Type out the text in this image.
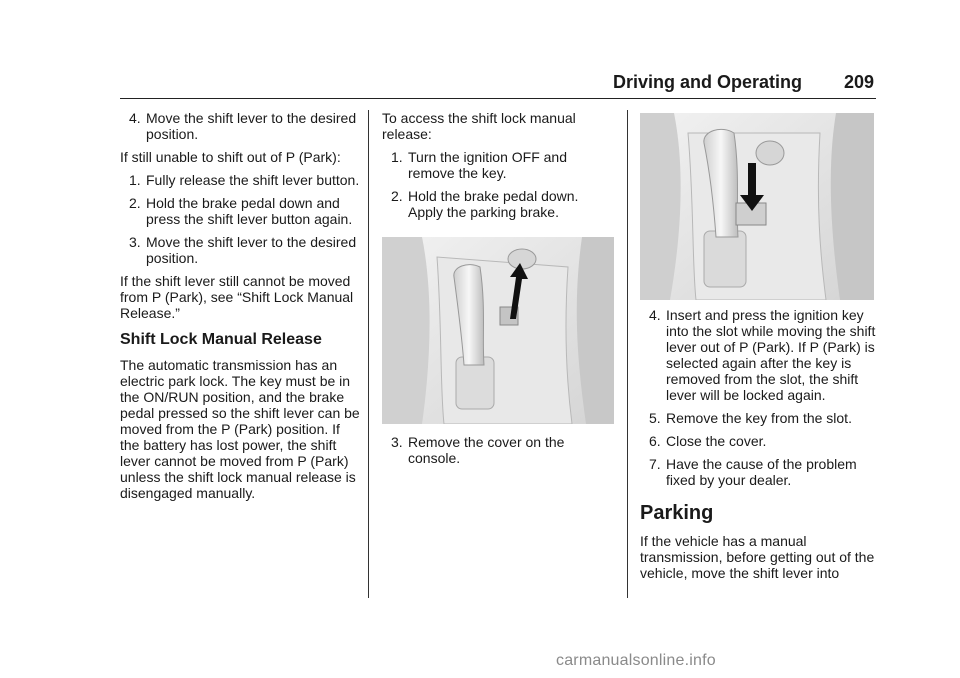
Driving and Operating 209
4. Move the shift lever to the desired position.
If still unable to shift out of P (Park):
1. Fully release the shift lever button.
2. Hold the brake pedal down and press the shift lever button again.
3. Move the shift lever to the desired position.
If the shift lever still cannot be moved from P (Park), see “Shift Lock Manual Release.”
Shift Lock Manual Release
The automatic transmission has an electric park lock. The key must be in the ON/RUN position, and the brake pedal pressed so the shift lever can be moved from the P (Park) position. If the battery has lost power, the shift lever cannot be moved from P (Park) unless the shift lock manual release is disengaged manually.
To access the shift lock manual release:
1. Turn the ignition OFF and remove the key.
2. Hold the brake pedal down. Apply the parking brake.
3. Remove the cover on the console.
4. Insert and press the ignition key into the slot while moving the shift lever out of P (Park). If P (Park) is selected again after the key is removed from the slot, the shift lever will be locked again.
5. Remove the key from the slot.
6. Close the cover.
7. Have the cause of the problem fixed by your dealer.
Parking
If the vehicle has a manual transmission, before getting out of the vehicle, move the shift lever into
carmanualsonline.info
